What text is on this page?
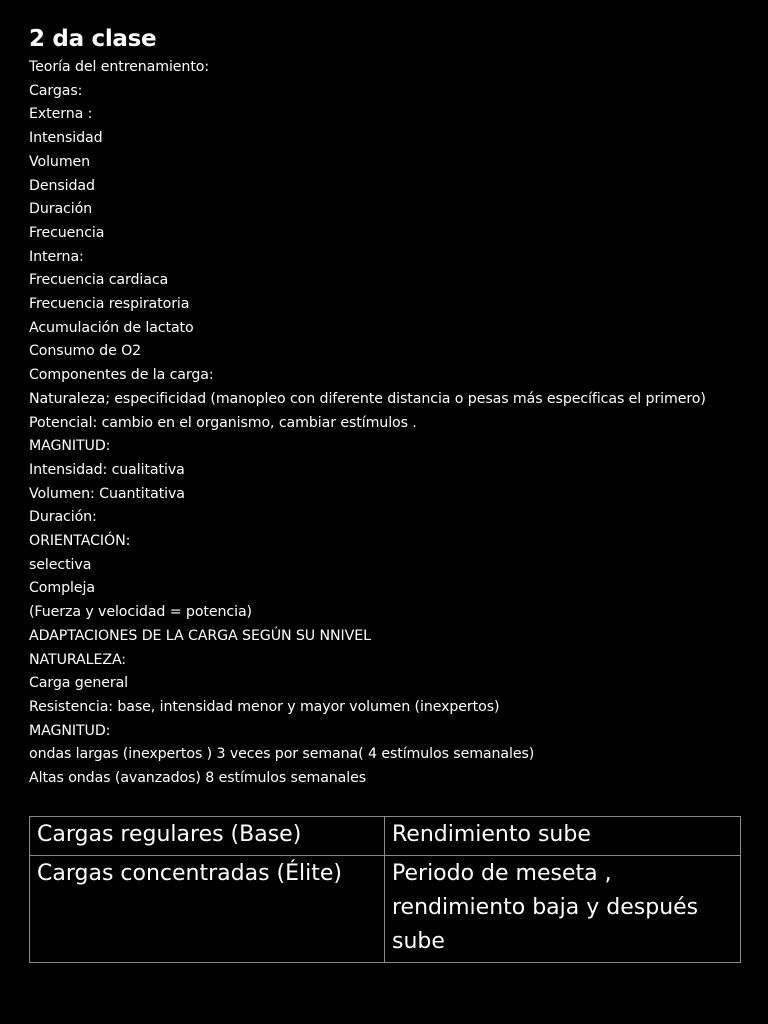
2 da clase

Teoría del entrenamiento:

Cargas:

Externa :

Intensidad

Volumen

Densidad

Duración

Frecuencia

Interna:

Frecuencia cardiaca

Frecuencia respiratoria

Acumulación de lactato

Consumo de O2

Componentes de la carga:

Naturaleza; especificidad (manopleo con diferente distancia o pesas más específicas el primero)

Potencial: cambio en el organismo, cambiar estímulos .

MAGNITUD:

Intensidad: cualitativa

Volumen: Cuantitativa

Duración:

ORIENTACIÓN:

selectiva

Compleja

(Fuerza y velocidad = potencia)

ADAPTACIONES DE LA CARGA SEGÚN SU NNIVEL

NATURALEZA:

Carga general

Resistencia: base, intensidad menor y mayor volumen (inexpertos)

MAGNITUD:

ondas largas (inexpertos ) 3 veces por semana( 4 estímulos semanales)

Altas ondas (avanzados) 8 estímulos semanales

Cargas regulares (Base)	Rendimiento sube
Cargas concentradas (Élite)	Periodo de meseta , rendimiento baja y después sube
